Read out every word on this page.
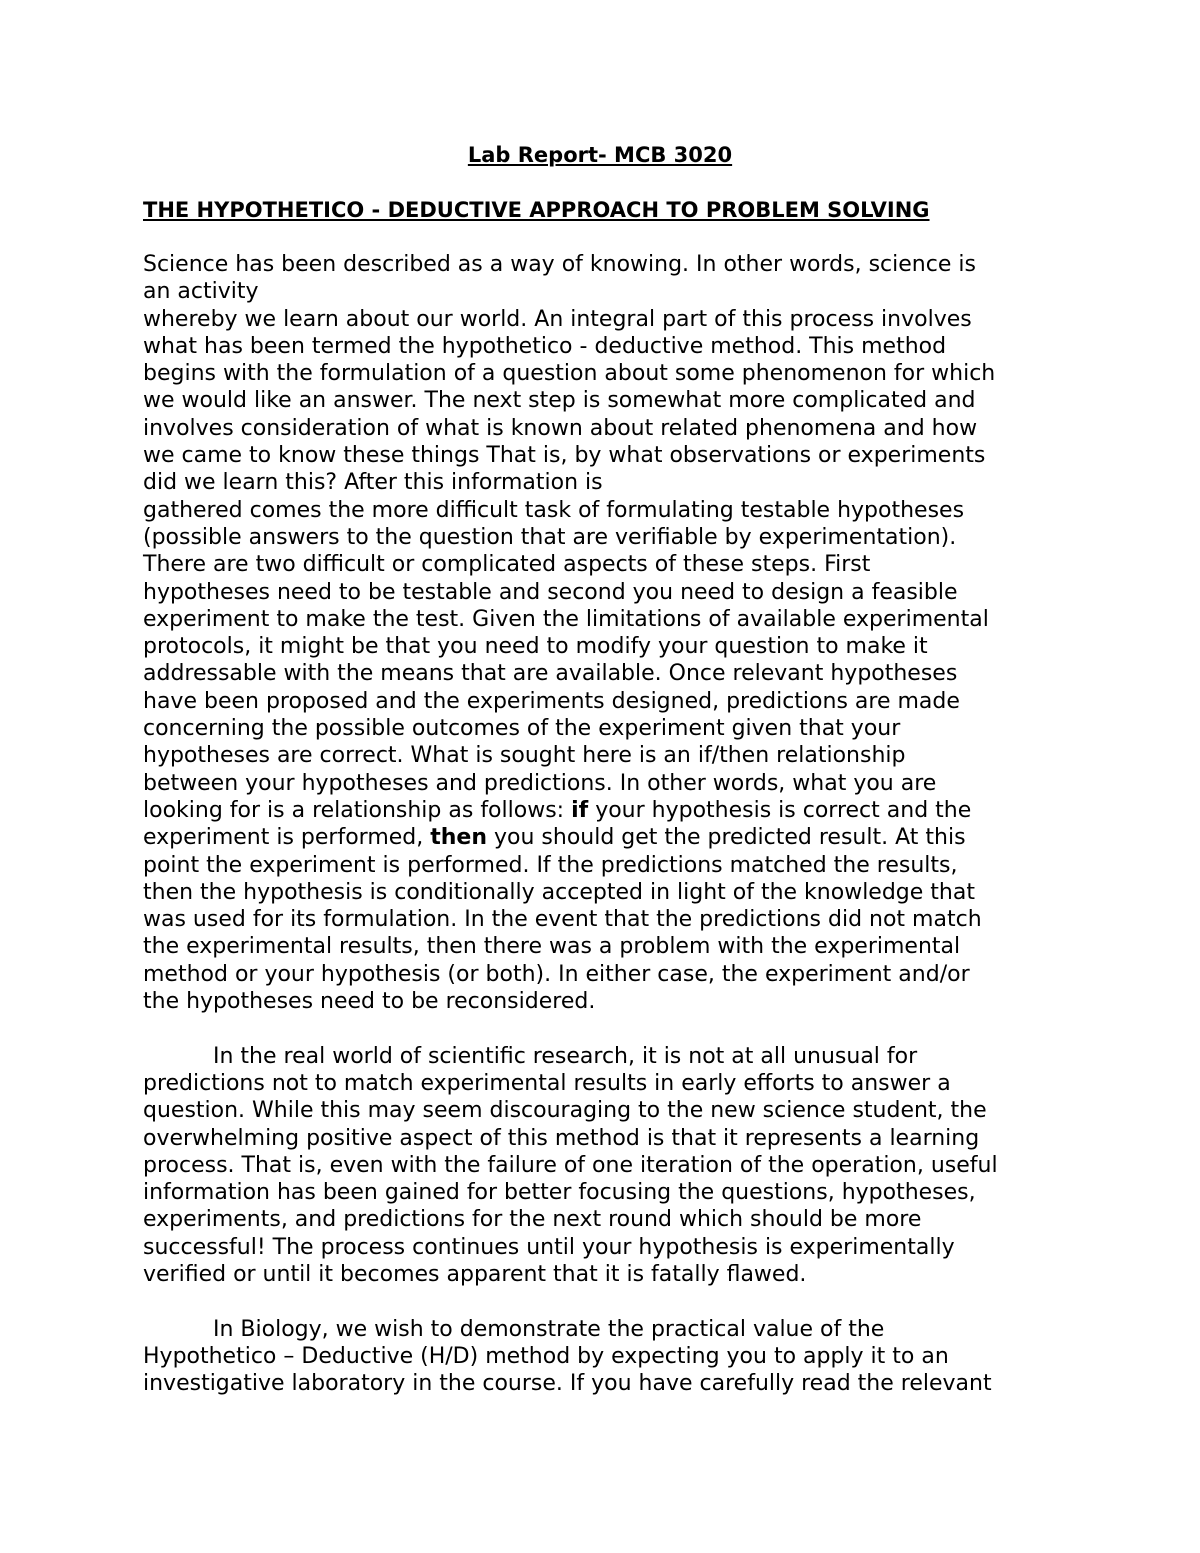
Lab Report- MCB 3020
THE HYPOTHETICO - DEDUCTIVE APPROACH TO PROBLEM SOLVING

Science has been described as a way of knowing. In other words, science is
an activity
whereby we learn about our world. An integral part of this process involves
what has been termed the hypothetico - deductive method. This method
begins with the formulation of a question about some phenomenon for which
we would like an answer. The next step is somewhat more complicated and
involves consideration of what is known about related phenomena and how
we came to know these things That is, by what observations or experiments
did we learn this? After this information is
gathered comes the more difficult task of formulating testable hypotheses
(possible answers to the question that are verifiable by experimentation).
There are two difficult or complicated aspects of these steps. First
hypotheses need to be testable and second you need to design a feasible
experiment to make the test. Given the limitations of available experimental
protocols, it might be that you need to modify your question to make it
addressable with the means that are available. Once relevant hypotheses
have been proposed and the experiments designed, predictions are made
concerning the possible outcomes of the experiment given that your
hypotheses are correct. What is sought here is an if/then relationship
between your hypotheses and predictions. In other words, what you are
looking for is a relationship as follows: if your hypothesis is correct and the
experiment is performed, then you should get the predicted result. At this
point the experiment is performed. If the predictions matched the results,
then the hypothesis is conditionally accepted in light of the knowledge that
was used for its formulation. In the event that the predictions did not match
the experimental results, then there was a problem with the experimental
method or your hypothesis (or both). In either case, the experiment and/or
the hypotheses need to be reconsidered.

In the real world of scientific research, it is not at all unusual for
predictions not to match experimental results in early efforts to answer a
question. While this may seem discouraging to the new science student, the
overwhelming positive aspect of this method is that it represents a learning
process. That is, even with the failure of one iteration of the operation, useful
information has been gained for better focusing the questions, hypotheses,
experiments, and predictions for the next round which should be more
successful! The process continues until your hypothesis is experimentally
verified or until it becomes apparent that it is fatally flawed.

In Biology, we wish to demonstrate the practical value of the
Hypothetico – Deductive (H/D) method by expecting you to apply it to an
investigative laboratory in the course. If you have carefully read the relevant
